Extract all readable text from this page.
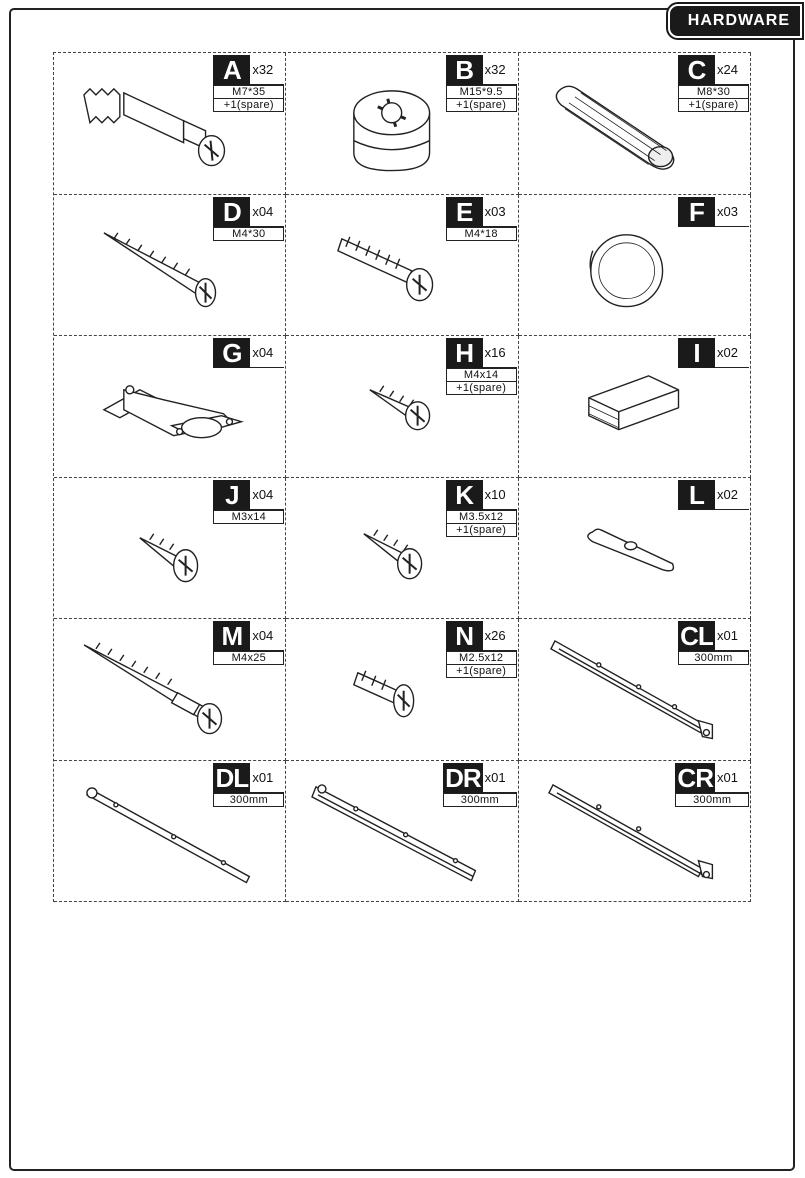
HARDWARE
A x32
M7*35
+1(spare)
B x32
M15*9.5
+1(spare)
C x24
M8*30
+1(spare)
D x04
M4*30
E x03
M4*18
F	x03
G x04	H x16
M4x14
+1(spare)
I	x02
J	x04
M3x14
K x10
M3.5x12
+1(spare)
L	x02
M x04
M4x25
N x26
M2.5x12
+1(spare)
CL x01
300mm
DL x01
300mm
DR x01
300mm
CR x01
300mm
